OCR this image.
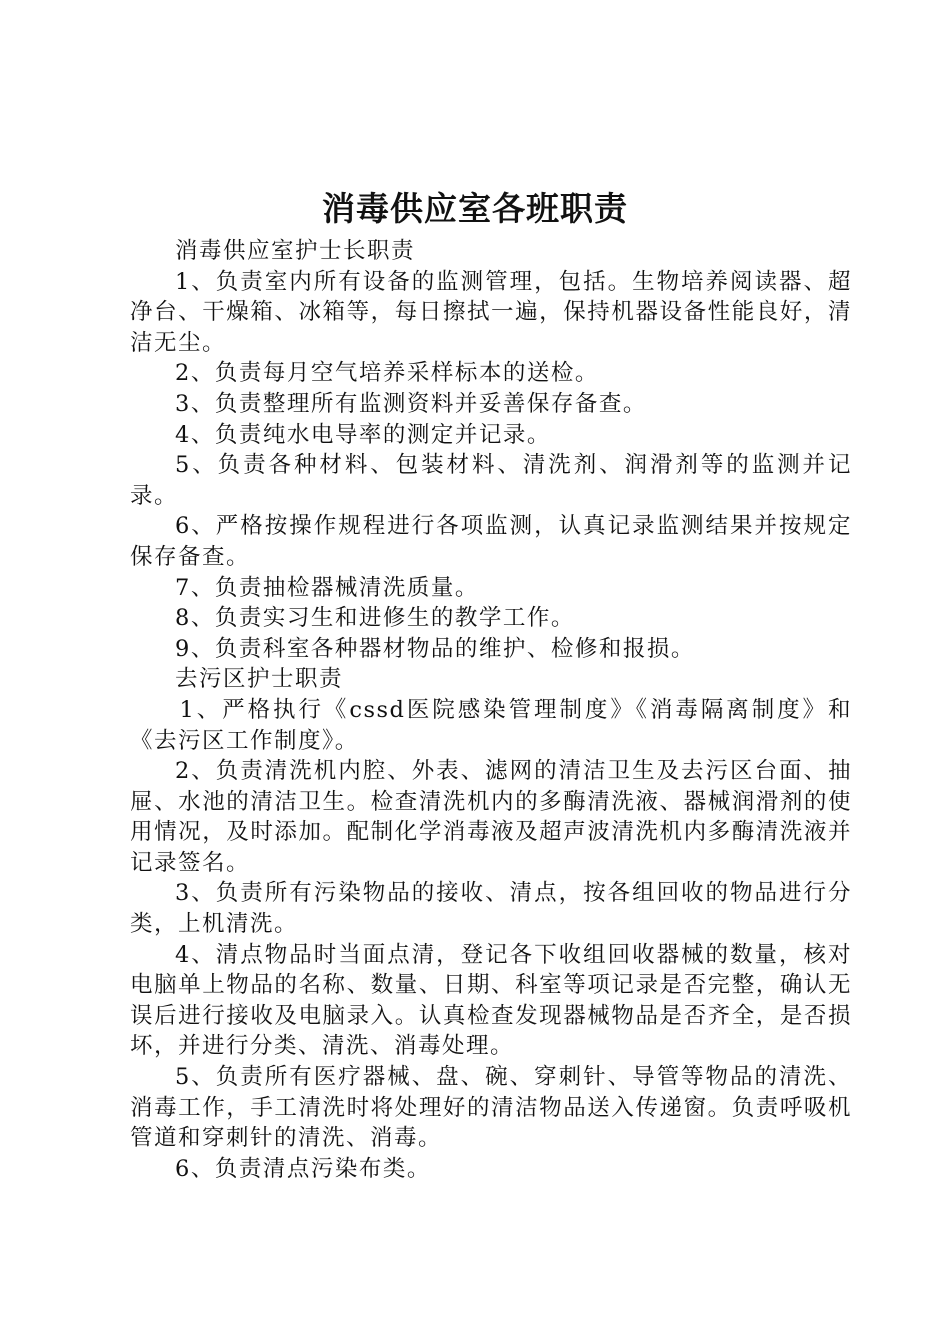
消毒供应室各班职责

消毒供应室护士长职责

1、负责室内所有设备的监测管理，包括。生物培养阅读器、超净台、干燥箱、冰箱等，每日擦拭一遍，保持机器设备性能良好，清洁无尘。

2、负责每月空气培养采样标本的送检。

3、负责整理所有监测资料并妥善保存备查。

4、负责纯水电导率的测定并记录。

5、负责各种材料、包装材料、清洗剂、润滑剂等的监测并记录。

6、严格按操作规程进行各项监测，认真记录监测结果并按规定保存备查。

7、负责抽检器械清洗质量。

8、负责实习生和进修生的教学工作。

9、负责科室各种器材物品的维护、检修和报损。

去污区护士职责

1、严格执行《cssd医院感染管理制度》《消毒隔离制度》和《去污区工作制度》。

2、负责清洗机内腔、外表、滤网的清洁卫生及去污区台面、抽屉、水池的清洁卫生。检查清洗机内的多酶清洗液、器械润滑剂的使用情况，及时添加。配制化学消毒液及超声波清洗机内多酶清洗液并记录签名。

3、负责所有污染物品的接收、清点，按各组回收的物品进行分类，上机清洗。

4、清点物品时当面点清，登记各下收组回收器械的数量，核对电脑单上物品的名称、数量、日期、科室等项记录是否完整，确认无误后进行接收及电脑录入。认真检查发现器械物品是否齐全，是否损坏，并进行分类、清洗、消毒处理。

5、负责所有医疗器械、盘、碗、穿刺针、导管等物品的清洗、消毒工作，手工清洗时将处理好的清洁物品送入传递窗。负责呼吸机管道和穿刺针的清洗、消毒。

6、负责清点污染布类。
